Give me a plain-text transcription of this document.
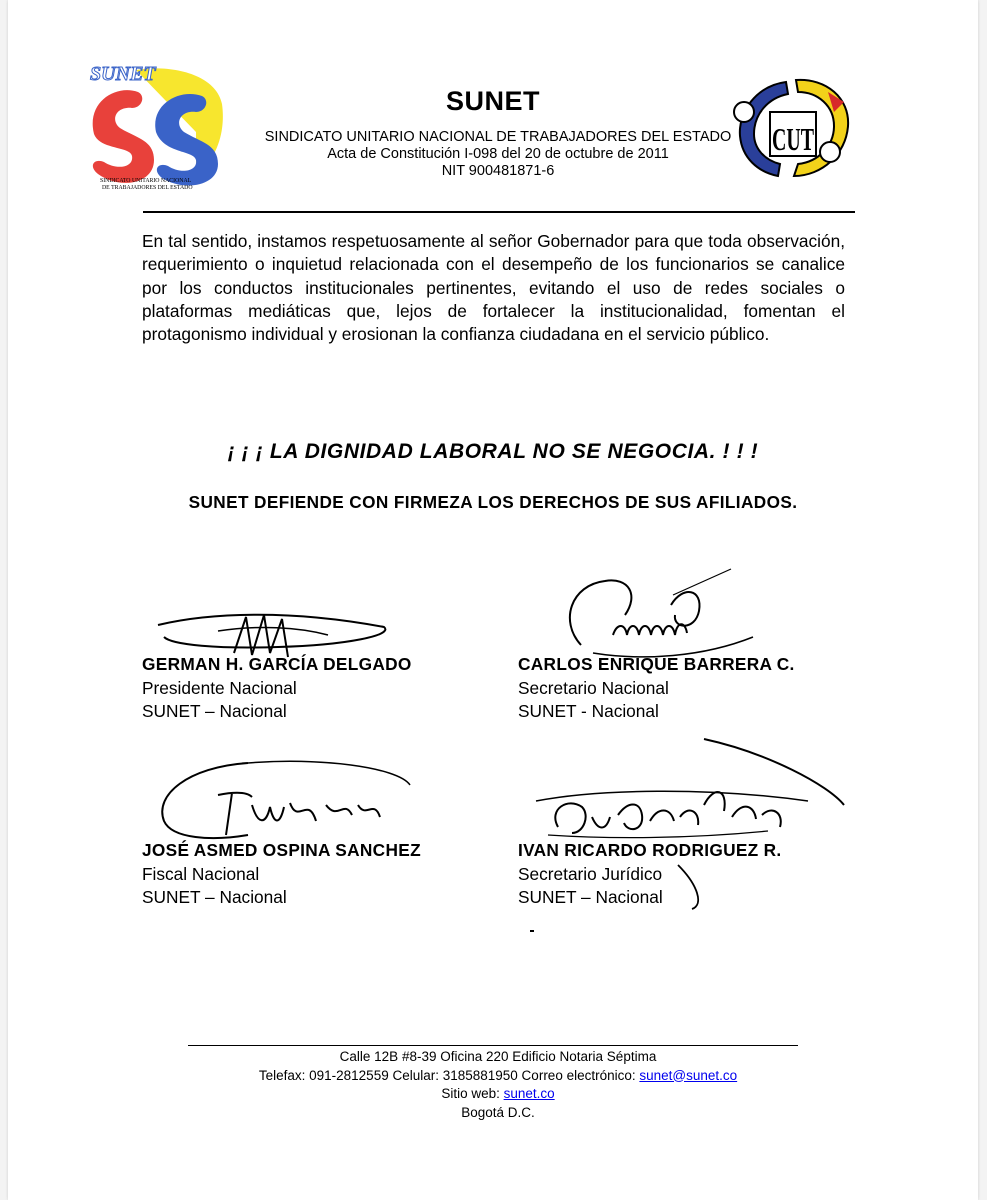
SUNET
SINDICATO UNITARIO NACIONAL
DE TRABAJADORES DEL ESTADO
CUT
SUNET
SINDICATO UNITARIO NACIONAL DE TRABAJADORES DEL ESTADO
Acta de Constitución I-098 del 20 de octubre de 2011
NIT 900481871-6
En tal sentido, instamos respetuosamente al señor Gobernador para que toda observación, requerimiento o inquietud relacionada con el desempeño de los funcionarios se canalice por los conductos institucionales pertinentes, evitando el uso de redes sociales o plataformas mediáticas que, lejos de fortalecer la institucionalidad, fomentan el protagonismo individual y erosionan la confianza ciudadana en el servicio público.
¡ ¡ ¡ LA DIGNIDAD LABORAL NO SE NEGOCIA. ! ! !
SUNET DEFIENDE CON FIRMEZA LOS DERECHOS DE SUS AFILIADOS.
GERMAN H. GARCÍA DELGADO
Presidente Nacional
SUNET – Nacional
CARLOS ENRIQUE BARRERA C.
Secretario Nacional
SUNET - Nacional
JOSÉ ASMED OSPINA SANCHEZ
Fiscal Nacional
SUNET – Nacional
IVAN RICARDO RODRIGUEZ R.
Secretario Jurídico
SUNET – Nacional
Calle 12B #8-39 Oficina 220 Edificio Notaria Séptima
Telefax: 091-2812559 Celular: 3185881950 Correo electrónico: sunet@sunet.co
Sitio web: sunet.co
Bogotá D.C.
